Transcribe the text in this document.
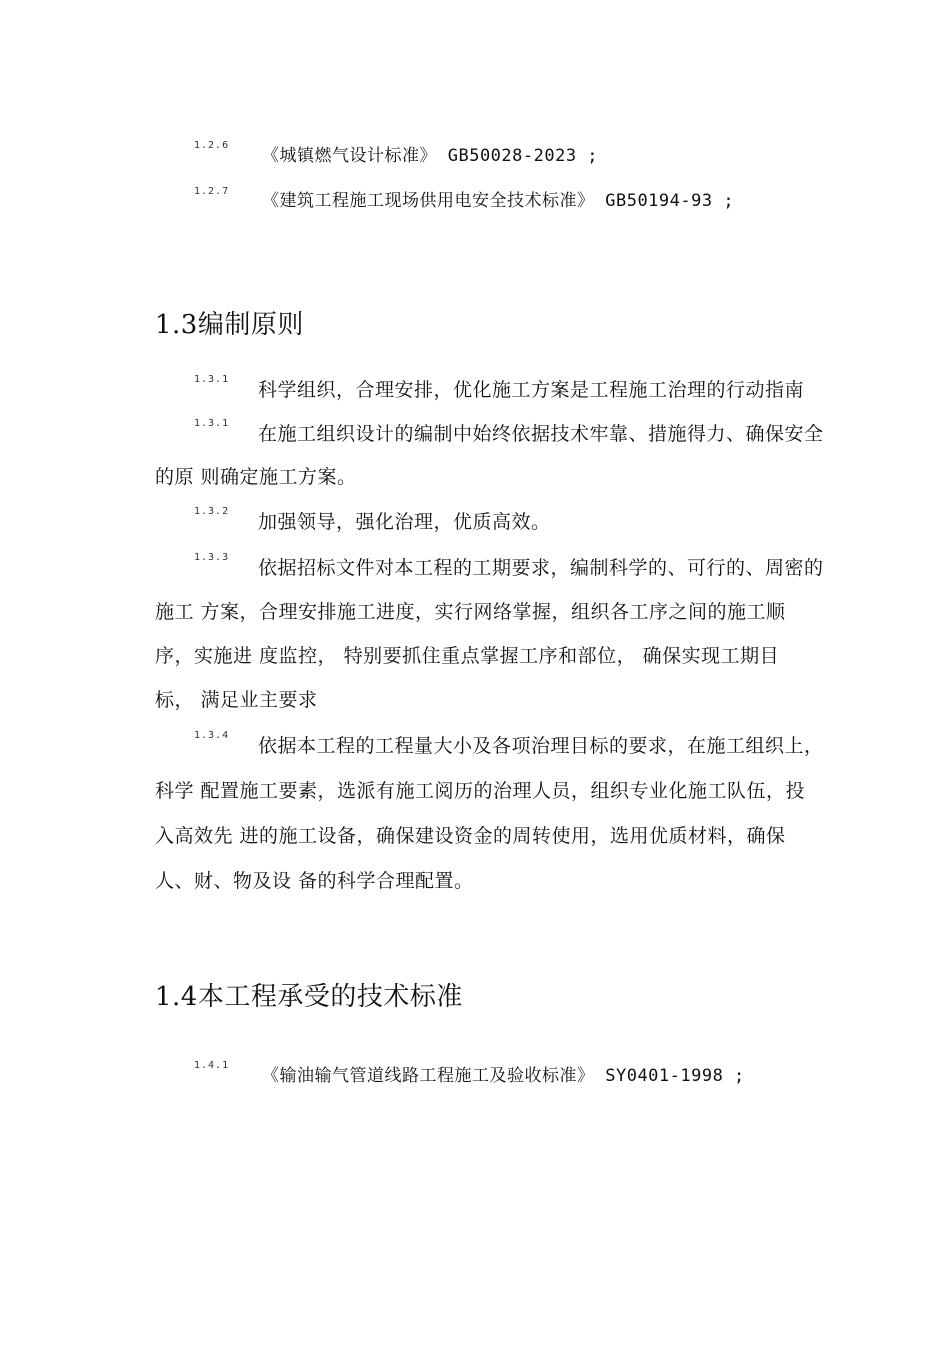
1.2.6
《城镇燃气设计标准》 GB50028-2023 ;
1.2.7 《建筑工程施工现场供用电安全技术标准》 GB50194-93 ;
1.3编制原则
1.3.1 科学组织，合理安排，优化施工方案是工程施工治理的行动指南
1.3.1 在施工组织设计的编制中始终依据技术牢靠、措施得力、确保安全
的原 则确定施工方案。
1.3.2 加强领导，强化治理，优质高效。
1.3.3 依据招标文件对本工程的工期要求，编制科学的、可行的、周密的
施工 方案，合理安排施工进度，实行网络掌握，组织各工序之间的施工顺
序，实施进 度监控， 特别要抓住重点掌握工序和部位， 确保实现工期目
标， 满足业主要求
1.3.4 依据本工程的工程量大小及各项治理目标的要求，在施工组织上，
科学 配置施工要素，选派有施工阅历的治理人员，组织专业化施工队伍，投
入高效先 进的施工设备，确保建设资金的周转使用，选用优质材料，确保
人、财、物及设 备的科学合理配置。
1.4本工程承受的技术标准
1.4.1
《输油输气管道线路工程施工及验收标准》 SY0401-1998 ;
